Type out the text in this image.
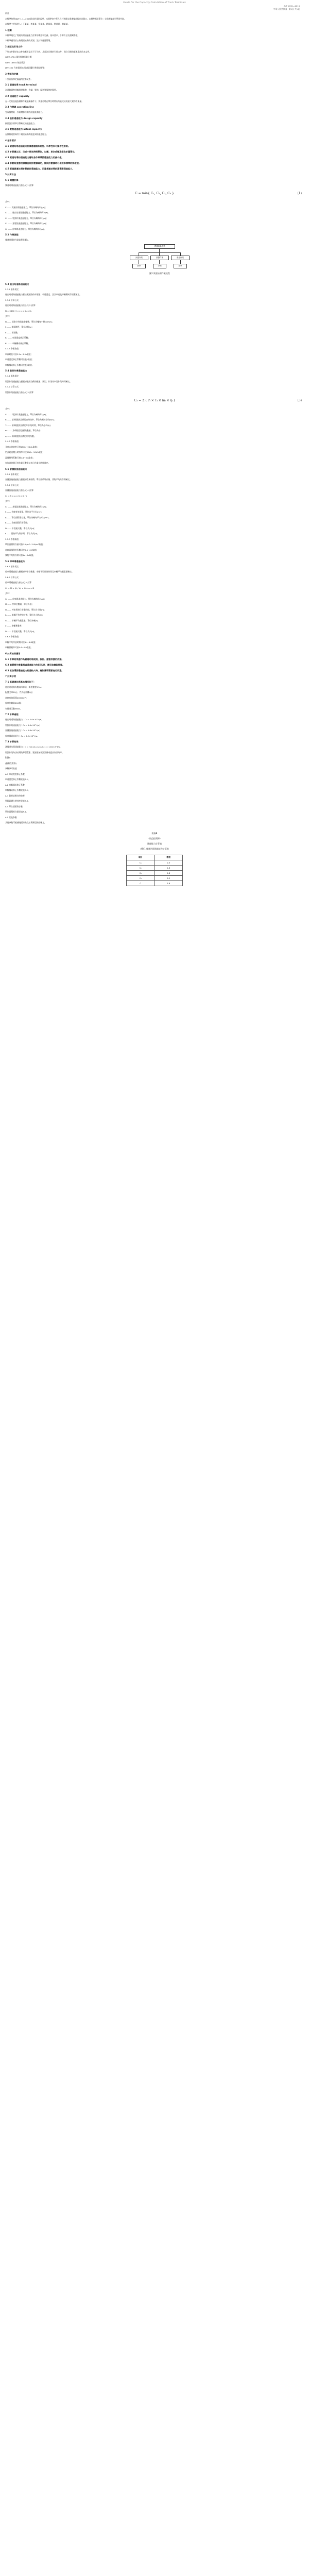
Guide for the Capacity Calculation of Truck Terminals
JT/T 1030—2016
中華人民共和國 · 第1頁 共1頁
前言
本標準按照GB/T 1.1—2009給出的規則起草，本標準由中華人民共和國交通運輸部提出並歸口，本標準起草單位：交通運輸部科學研究院。
本標準主要起草人：王某某、李某某、張某某、趙某某、劉某某、陳某某。
1 范圍
本標準規定了貨運站場通過能力計算的術語和定義、基本要求、計算方法及相關參數。
本標準適用於公路貨運站場的規划、設計和運營管理。
2 規范性引用文件
下列文件對於本文件的應用是必不可少的。凡是注日期的引用文件，僅注日期的版本適用於本文件。
GB/T 4754 國民經濟行業分類
GB/T 18354 物流術語
JT/T 402 汽車貨運站(場)級別劃分和建設要求
3 術語和定義
下列術語和定義適用於本文件。
3.1 貨運站場 truck terminal
為道路貨物運輸提供集散、倉儲、裝卸、配送等服務的場所。
3.2 通過能力 capacity
在一定的設施設備和作業組織條件下，貨運站場在單位時間內所能完成的最大貨物作業量。
3.3 作業線 operation line
完成貨物某一作業環節所需的設施設備組合。
3.4 設計通過能力 design capacity
按照設計標準計算確定的通過能力。
3.5 實際通過能力 actual capacity
在實際運營條件下貨運站場所能達到的通過能力。
4 基本要求
4.1 貨運站場通過能力計算應遵循系統性、科學性和可操作性原則。
4.2 計算應以年、日或小時為時間單位，以噸、車次或標准箱為計量單位。
4.3 貨運站場的通過能力應取各作業環節通過能力的最小值。
4.4 參數取值應根據調查統計數據確定，無統計數據時可參照本標準附錄取值。
4.5 新建貨運站場計算設計通過能力，已建貨運站場計算實際通過能力。
5 計算方法
5.1 總體計算
貨運站場通過能力按公式(1)計算：
C = min{ C₁, C₂, C₃, C₄ }	(1)
式中：
C —— 貨運站場通過能力，單位為噸每年(t/a)；
C₁ —— 進出站道路通過能力，單位為噸每年(t/a)；
C₂ —— 裝卸作業通過能力，單位為噸每年(t/a)；
C₃ —— 倉儲設施通過能力，單位為噸每年(t/a)；
C₄ —— 停車場通過能力，單位為噸每年(t/a)。
5.2 作業流程
貨運站場的作業流程見圖1。
貨運站場作業
到達作業	倉儲作業	發送作業
卸車	分揀	裝車
圖1 貨運站場作業流程
5.3 進出站道路通過能力
5.3.1 基本規定
進出站道路通過能力應按照道路的車道數、車道寬度、設計車速及車輛構成等因素確定。
5.3.2 計算公式
進出站道路通過能力按公式(2)計算：
N = 3600 / h × n × K₁ × K₂
式中：
N —— 道路小時通過車輛數，單位為輛每小時(veh/h)；
h —— 車頭時距，單位為秒(s)；
n —— 車道數；
K₁ —— 車道寬度修正系數；
K₂ —— 車輛構成修正系數。
5.3.3 參數取值
車頭時距可按2.5s~3.5s取值；
車道寬度修正系數可按表1取值；
車輛構成修正系數可按表2取值。
5.4 裝卸作業通過能力
5.4.1 基本規定
裝卸作業通過能力應根據裝卸設備的數量、類型、作業效率及作業時間確定。
5.4.2 計算公式
裝卸作業通過能力按公式(3)計算：
C₂ = Σ ( Pᵢ × Tᵢ × mᵢ × ηᵢ )	(3)
式中：
C₂ —— 裝卸作業通過能力，單位為噸每年(t/a)；
Pᵢ —— 第i類裝卸設備的台時效率，單位為噸每小時(t/h)；
Tᵢ —— 第i類裝卸設備的年作業時間，單位為小時(h)；
mᵢ —— 第i類裝卸設備的數量，單位為台；
ηᵢ —— 第i類裝卸設備的利用系數。
5.4.3 參數取值
叉車台時效率可按15t/h~25t/h取值；
門式起重機台時效率可按30t/h~50t/h取值；
設備利用系數可按0.6~0.8取值；
年作業時間可按作業天數乘以每日作業小時數確定。
5.5 倉儲設施通過能力
5.5.1 基本規定
倉儲設施通過能力應根據倉庫面積、單位面積堆存量、貨物平均堆存期確定。
5.5.2 計算公式
倉儲設施通過能力按公式(4)計算：
C₃ = S × q × K × D / t
式中：
C₃ —— 倉儲設施通過能力，單位為噸每年(t/a)；
S —— 倉庫有效面積，單位為平方米(m²)；
q —— 單位面積堆存量，單位為噸每平方米(t/m²)；
K —— 倉庫面積利用系數；
D —— 年營運天數，單位為天(d)；
t —— 貨物平均堆存期，單位為天(d)。
5.5.3 參數取值
單位面積堆存量可按0.5t/m²~2.0t/m²取值；
倉庫面積利用系數可按0.5~0.7取值；
貨物平均堆存期可按1d~5d取值。
5.6 停車場通過能力
5.6.1 基本規定
停車場通過能力應根據停車位數量、車輛平均停放時間及車輛平均載重量確定。
5.6.2 計算公式
停車場通過能力按公式(5)計算：
C₄ = M × (H / t₀) × G × α × D
式中：
C₄ —— 停車場通過能力，單位為噸每年(t/a)；
M —— 停車位數量，單位為個；
H —— 停車場每日營業時間，單位為小時(h)；
t₀ —— 車輛平均停放時間，單位為小時(h)；
G —— 車輛平均載重量，單位為噸(t)；
α —— 車輛實載率；
D —— 年營運天數，單位為天(d)。
5.6.3 參數取值
車輛平均停放時間可按1h~4h取值；
車輛實載率可按0.6~0.9取值。
6 計算結果應用
6.1 計算結果應作為貨運站場規划、設計、運營評價的依據。
6.2 當實際作業量超過通過能力的85%時，應采取擴能措施。
6.3 當各環節通過能力相差較大時，應對薄弱環節進行改造。
7 計算示例
7.1 某貨運站場基本情況如下：
進出站道路為雙向四車道，車道寬度3.5m；
配置叉車20台、門式起重機4台；
倉庫有效面積20000m²；
停車位數量200個；
年營運天數360d。
7.2 計算過程
進出站道路通過能力：C₁ = 2.0×10⁶ t/a；
裝卸作業通過能力：C₂ = 1.6×10⁶ t/a；
倉儲設施通過能力：C₃ = 1.8×10⁶ t/a；
停車場通過能力：C₄ = 2.2×10⁶ t/a。
7.3 計算結果
該貨運站場通過能力：C = min{C₁,C₂,C₃,C₄} = 1.6×10⁶ t/a。
裝卸作業為該站場的薄弱環節，建議增加裝卸設備或提高作業效率。
附錄A
(資料性附錄)
參數參考取值
A.1 車道寬度修正系數
車道寬度修正系數見表A.1。
A.2 車輛構成修正系數
車輛構成修正系數見表A.2。
A.3 裝卸設備台時效率
裝卸設備台時效率見表A.3。
A.4 單位面積堆存量
單位面積堆存量見表A.4。
A.5 其他參數
其他參數可根據地區特點及站場類型調查確定。
附錄B
(規范性附錄)
通過能力計算表
表B.1 貨運站場通過能力計算表
項目	數值
C₁	2.0
C₂	1.6
C₃	1.8
C₄	2.2
C	1.6
